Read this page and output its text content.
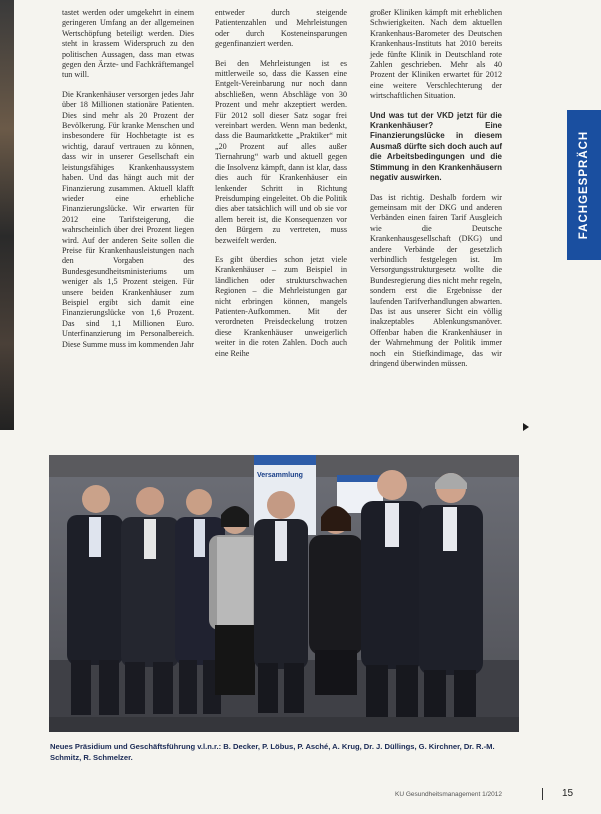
tastet werden oder umgekehrt in einem geringeren Umfang an der allgemeinen Wertschöpfung beteiligt werden. Dies steht in krassem Widerspruch zu den politischen Aussagen, dass man etwas gegen den Ärzte- und Fachkräftemangel tun will.

Die Krankenhäuser versorgen jedes Jahr über 18 Millionen stationäre Patienten. Dies sind mehr als 20 Prozent der Bevölkerung. Für kranke Menschen und insbesondere für Hochbetagte ist es wichtig, darauf vertrauen zu können, dass wir in unserer Gesellschaft ein leistungsfähiges Krankenhaussystem haben. Und das hängt auch mit der Finanzierung zusammen. Aktuell klafft wieder eine erhebliche Finanzierungslücke. Wir erwarten für 2012 eine Tarifsteigerung, die wahrscheinlich über drei Prozent liegen wird. Auf der anderen Seite sollen die Preise für Krankenhausleistungen nach den Vorgaben des Bundesgesundheitsministeriums um weniger als 1,5 Prozent steigen. Für unsere beiden Krankenhäuser zum Beispiel ergibt sich damit eine Finanzierungslücke von 1,6 Prozent. Das sind 1,1 Millionen Euro. Unterfinanzierung im Personalbereich. Diese Summe muss im kommenden Jahr

entweder durch steigende Patientenzahlen und Mehrleistungen oder durch Kosteneinsparungen gegenfinanziert werden.

Bei den Mehrleistungen ist es mittlerweile so, dass die Kassen eine Entgelt-Vereinbarung nur noch dann abschließen, wenn Abschläge von 30 Prozent und mehr akzeptiert werden. Für 2012 soll dieser Satz sogar frei vereinbart werden. Wenn man bedenkt, dass die Baumarktkette „Praktiker“ mit „20 Prozent auf alles außer Tiernahrung“ warb und aktuell gegen die Insolvenz kämpft, dann ist klar, dass dies auch für Krankenhäuser ein lenkender Schritt in Richtung Preisdumping eingeleitet. Ob die Politik dies aber tatsächlich will und ob sie vor allem bereit ist, die Konsequenzen vor den Bürgern zu vertreten, muss bezweifelt werden.

Es gibt überdies schon jetzt viele Krankenhäuser – zum Beispiel in ländlichen oder strukturschwachen Regionen – die Mehrleistungen gar nicht erbringen können, mangels Patienten-Aufkommen. Mit der verordneten Preisdeckelung trotzen diese Krankenhäuser unweigerlich weiter in die roten Zahlen. Doch auch eine Reihe

großer Kliniken kämpft mit erheblichen Schwierigkeiten. Nach dem aktuellen Krankenhaus-Barometer des Deutschen Krankenhaus-Instituts hat 2010 bereits jede fünfte Klinik in Deutschland rote Zahlen geschrieben. Mehr als 40 Prozent der Kliniken erwartet für 2012 eine weitere Verschlechterung der wirtschaftlichen Situation.

Und was tut der VKD jetzt für die Krankenhäuser? Eine Finanzierungslücke in diesem Ausmaß dürfte sich doch auch auf die Arbeitsbedingungen und die Stimmung in den Krankenhäusern negativ auswirken.

Das ist richtig. Deshalb fordern wir gemeinsam mit der DKG und anderen Verbänden einen fairen Tarif Ausgleich wie die Deutsche Krankenhausgesellschaft (DKG) und andere Verbände der gesetzlich verbindlich festgelegen ist. Im Versorgungsstrukturgesetz wollte die Bundesregierung dies nicht mehr regeln, sondern erst die Ergebnisse der laufenden Tarifverhandlungen abwarten. Das ist aus unserer Sicht ein völlig inakzeptables Ablenkungsmanöver. Offenbar haben die Krankenhäuser in der Wahrnehmung der Politik immer noch ein Stiefkindimage, das wir dringend überwinden müssen.

FACHGESPRÄCH
Versammlung
Neues Präsidium und Geschäftsführung v.l.n.r.: B. Decker, P. Löbus, P. Asché, A. Krug, Dr. J. Düllings, G. Kirchner, Dr. R.-M. Schmitz, R. Schmelzer.
KU Gesundheitsmanagement 1/2012	15
